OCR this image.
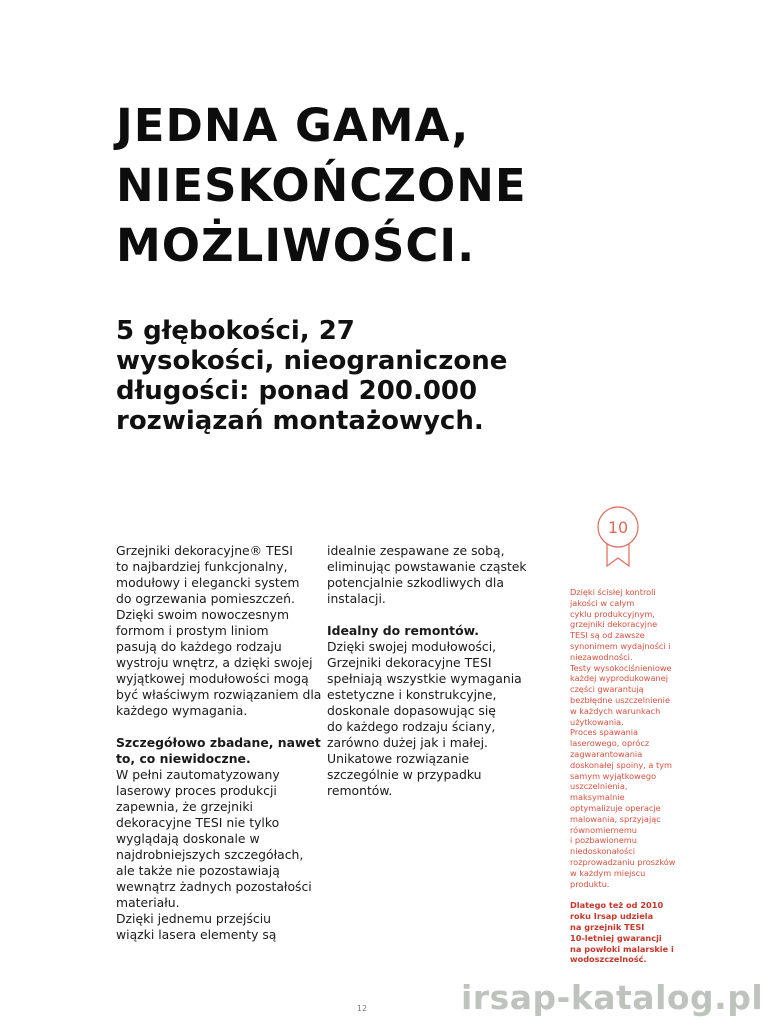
JEDNA GAMA,
NIESKOŃCZONE
MOŻLIWOŚCI.
5 głębokości, 27
wysokości, nieograniczone
długości: ponad 200.000
rozwiązań montażowych.

Grzejniki dekoracyjne® TESI
to najbardziej funkcjonalny,
modułowy i elegancki system
do ogrzewania pomieszczeń.
Dzięki swoim nowoczesnym
formom i prostym liniom
pasują do każdego rodzaju
wystroju wnętrz, a dzięki swojej
wyjątkowej modułowości mogą
być właściwym rozwiązaniem dla
każdego wymagania.

Szczegółowo zbadane, nawet
to, co niewidoczne.

W pełni zautomatyzowany
laserowy proces produkcji
zapewnia, że grzejniki
dekoracyjne TESI nie tylko
wyglądają doskonale w
najdrobniejszych szczegółach,
ale także nie pozostawiają
wewnątrz żadnych pozostałości
materiału.
Dzięki jednemu przejściu
wiązki lasera elementy są

idealnie zespawane ze sobą,
eliminując powstawanie cząstek
potencjalnie szkodliwych dla
instalacji.

Idealny do remontów.

Dzięki swojej modułowości,
Grzejniki dekoracyjne TESI
spełniają wszystkie wymagania
estetyczne i konstrukcyjne,
doskonale dopasowując się
do każdego rodzaju ściany,
zarówno dużej jak i małej.
Unikatowe rozwiązanie
szczególnie w przypadku
remontów.

10
Dzięki ścisłej kontroli
jakości w całym
cyklu produkcyjnym,
grzejniki dekoracyjne
TESI są od zawsze
synonimem wydajności i
niezawodności.
Testy wysokociśnieniowe
każdej wyprodukowanej
części gwarantują
bezbłędne uszczelnienie
w każdych warunkach
użytkowania.
Proces spawania
laserowego, oprócz
zagwarantowania
doskonałej spoiny, a tym
samym wyjątkowego
uszczelnienia,
maksymalnie
optymalizuje operacje
malowania, sprzyjając
równomiernemu
i pozbawionemu
niedoskonałości
rozprowadzaniu proszków
w każdym miejscu
produktu.
Dlatego też od 2010
roku Irsap udziela
na grzejnik TESI
10-letniej gwarancji
na powłoki malarskie i
wodoszczelność.
12	irsap-katalog.pl
